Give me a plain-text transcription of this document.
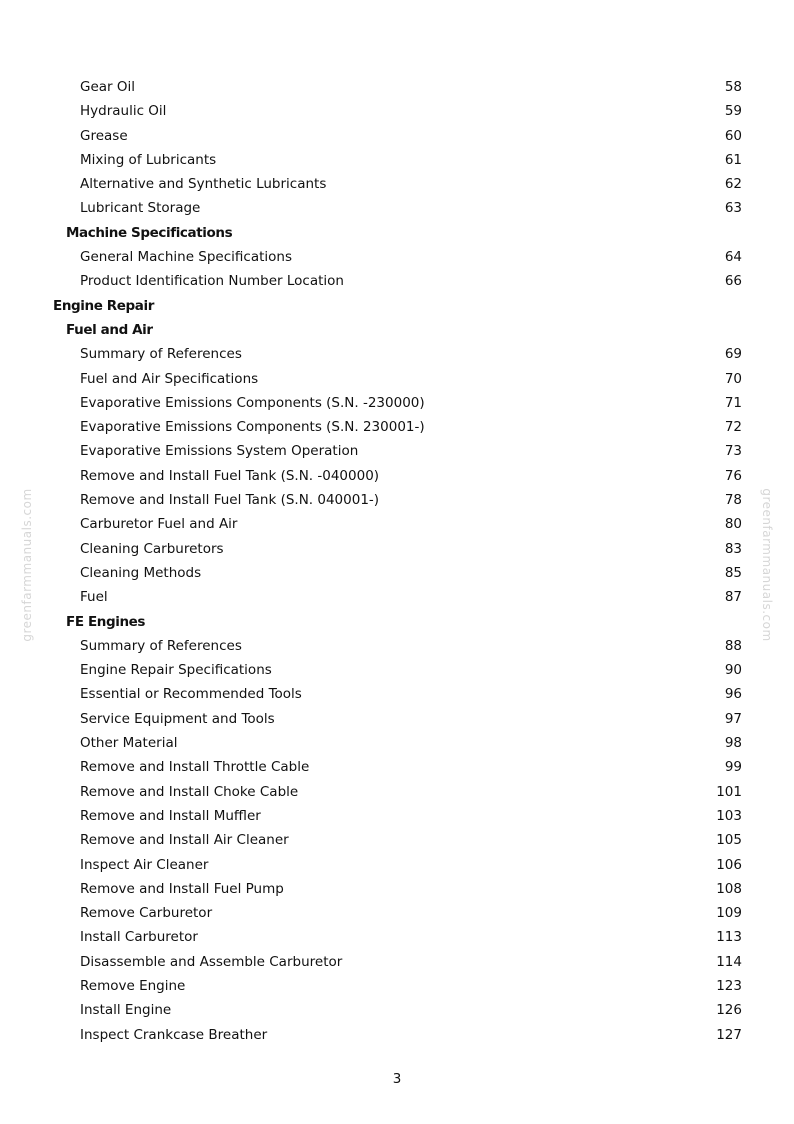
greenfarmmanuals.com	greenfarmmanuals.com
Gear Oil	58
Hydraulic Oil	59
Grease	60
Mixing of Lubricants	61
Alternative and Synthetic Lubricants	62
Lubricant Storage	63
Machine Specifications
General Machine Specifications	64
Product Identification Number Location	66
Engine Repair
Fuel and Air
Summary of References	69
Fuel and Air Specifications	70
Evaporative Emissions Components (S.N. -230000)	71
Evaporative Emissions Components (S.N. 230001-)	72
Evaporative Emissions System Operation	73
Remove and Install Fuel Tank (S.N. -040000)	76
Remove and Install Fuel Tank (S.N. 040001-)	78
Carburetor Fuel and Air	80
Cleaning Carburetors	83
Cleaning Methods	85
Fuel	87
FE Engines
Summary of References	88
Engine Repair Specifications	90
Essential or Recommended Tools	96
Service Equipment and Tools	97
Other Material	98
Remove and Install Throttle Cable	99
Remove and Install Choke Cable	101
Remove and Install Muffler	103
Remove and Install Air Cleaner	105
Inspect Air Cleaner	106
Remove and Install Fuel Pump	108
Remove Carburetor	109
Install Carburetor	113
Disassemble and Assemble Carburetor	114
Remove Engine	123
Install Engine	126
Inspect Crankcase Breather	127
3
